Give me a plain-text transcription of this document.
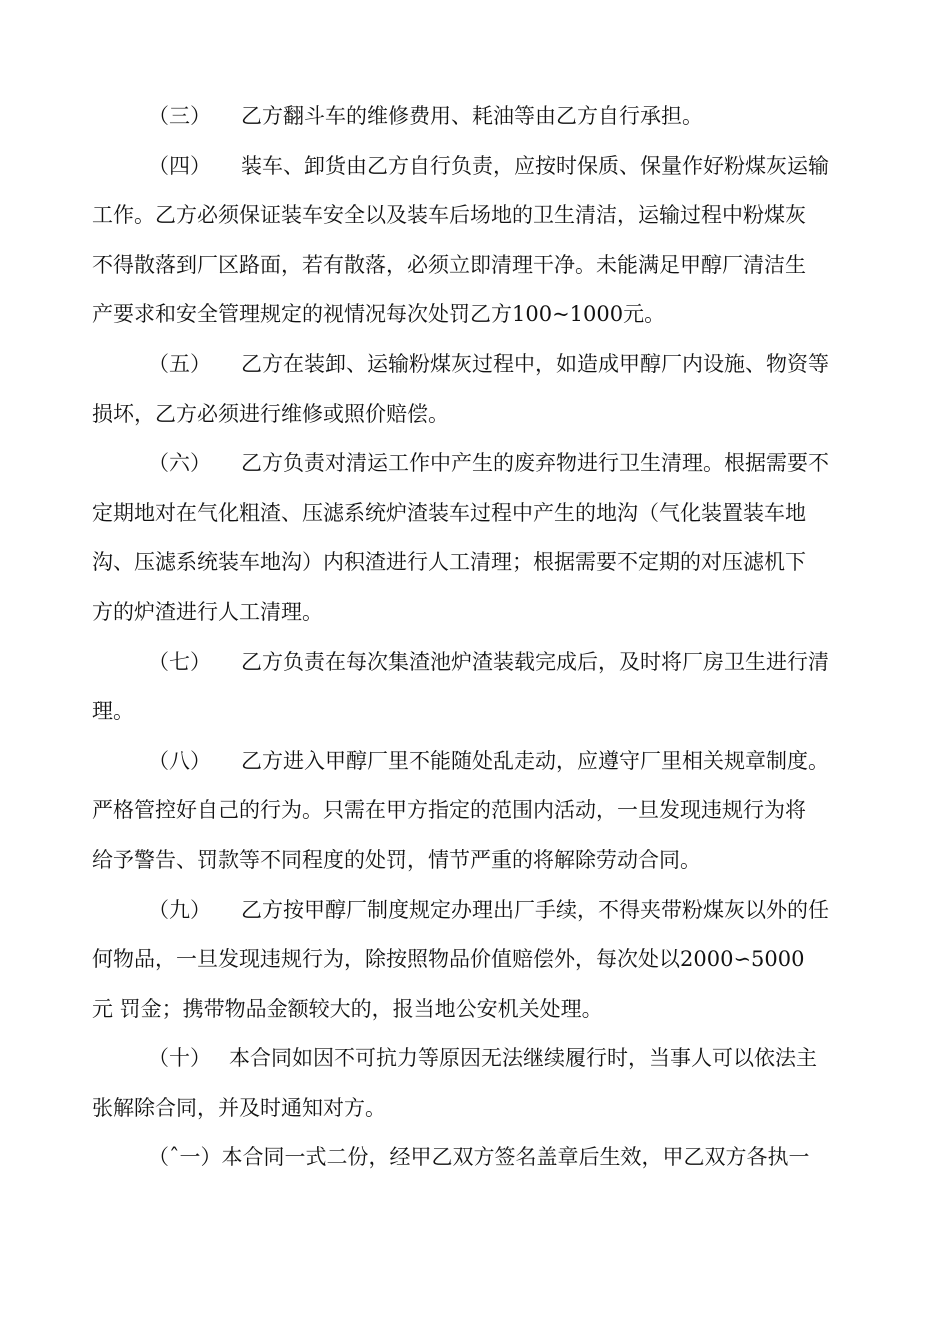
（三） 乙方翻斗车的维修费用、耗油等由乙方自行承担。
（四） 装车、卸货由乙方自行负责，应按时保质、保量作好粉煤灰运输
工作。乙方必须保证装车安全以及装车后场地的卫生清洁，运输过程中粉煤灰
不得散落到厂区路面，若有散落，必须立即清理干净。未能满足甲醇厂清洁生
产要求和安全管理规定的视情况每次处罚乙方100~1000元。
（五） 乙方在装卸、运输粉煤灰过程中，如造成甲醇厂内设施、物资等
损坏，乙方必须进行维修或照价赔偿。
（六） 乙方负责对清运工作中产生的废弃物进行卫生清理。根据需要不
定期地对在气化粗渣、压滤系统炉渣装车过程中产生的地沟（气化装置装车地
沟、压滤系统装车地沟）内积渣进行人工清理；根据需要不定期的对压滤机下
方的炉渣进行人工清理。
（七） 乙方负责在每次集渣池炉渣装载完成后，及时将厂房卫生进行清
理。
（八） 乙方进入甲醇厂里不能随处乱走动，应遵守厂里相关规章制度。
严格管控好自己的行为。只需在甲方指定的范围内活动，一旦发现违规行为将
给予警告、罚款等不同程度的处罚，情节严重的将解除劳动合同。
（九） 乙方按甲醇厂制度规定办理出厂手续，不得夹带粉煤灰以外的任
何物品，一旦发现违规行为，除按照物品价值赔偿外，每次处以2000∽5000
元 罚金；携带物品金额较大的，报当地公安机关处理。
（十） 本合同如因不可抗力等原因无法继续履行时，当事人可以依法主
张解除合同，并及时通知对方。
（ˆ一）本合同一式二份，经甲乙双方签名盖章后生效，甲乙双方各执一
